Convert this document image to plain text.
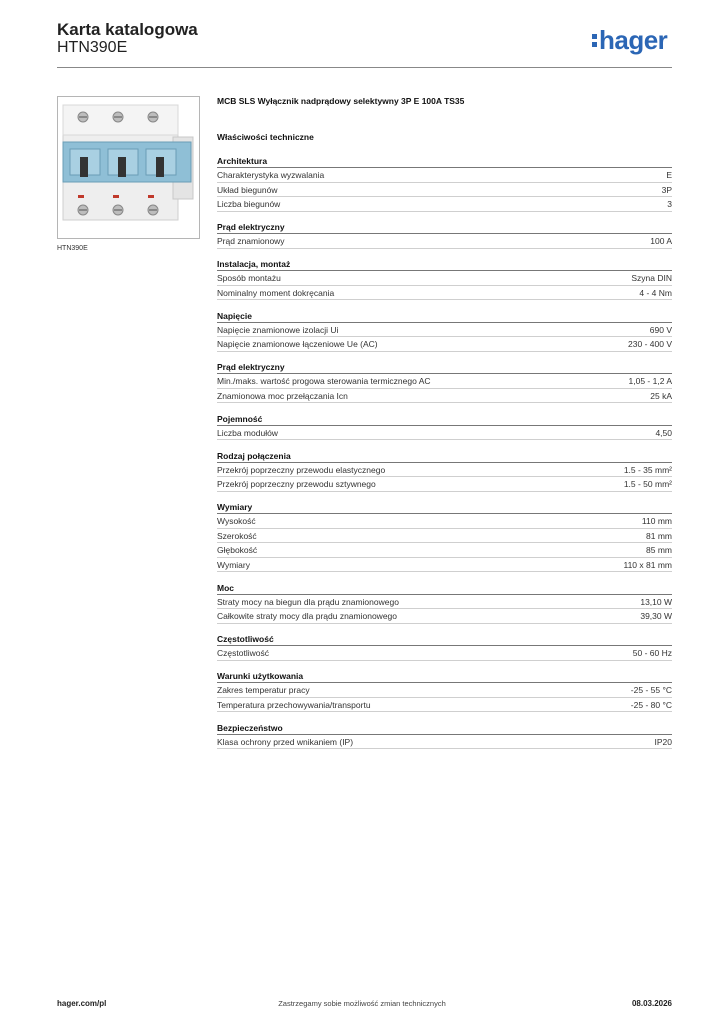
Karta katalogowa
HTN390E	hager
HTN390E
MCB SLS Wyłącznik nadprądowy selektywny 3P E 100A TS35
Właściwości techniczne
Architektura
Charakterystyka wyzwalania	E
Układ biegunów	3P
Liczba biegunów	3
Prąd elektryczny
Prąd znamionowy	100 A
Instalacja, montaż
Sposób montażu	Szyna DIN
Nominalny moment dokręcania	4 - 4 Nm
Napięcie
Napięcie znamionowe izolacji Ui	690 V
Napięcie znamionowe łączeniowe Ue (AC)	230 - 400 V
Prąd elektryczny
Min./maks. wartość progowa sterowania termicznego AC	1,05 - 1,2 A
Znamionowa moc przełączania Icn	25 kA
Pojemność
Liczba modułów	4,50
Rodzaj połączenia
Przekrój poprzeczny przewodu elastycznego	1.5 - 35 mm²
Przekrój poprzeczny przewodu sztywnego	1.5 - 50 mm²
Wymiary
Wysokość	110 mm
Szerokość	81 mm
Głębokość	85 mm
Wymiary	110 x 81 mm
Moc
Straty mocy na biegun dla prądu znamionowego	13,10 W
Całkowite straty mocy dla prądu znamionowego	39,30 W
Częstotliwość
Częstotliwość	50 - 60 Hz
Warunki użytkowania
Zakres temperatur pracy	-25 - 55 °C
Temperatura przechowywania/transportu	-25 - 80 °C
Bezpieczeństwo
Klasa ochrony przed wnikaniem (IP)	IP20
Zastrzegamy sobie możliwość zmian technicznych
hager.com/pl	08.03.2026
